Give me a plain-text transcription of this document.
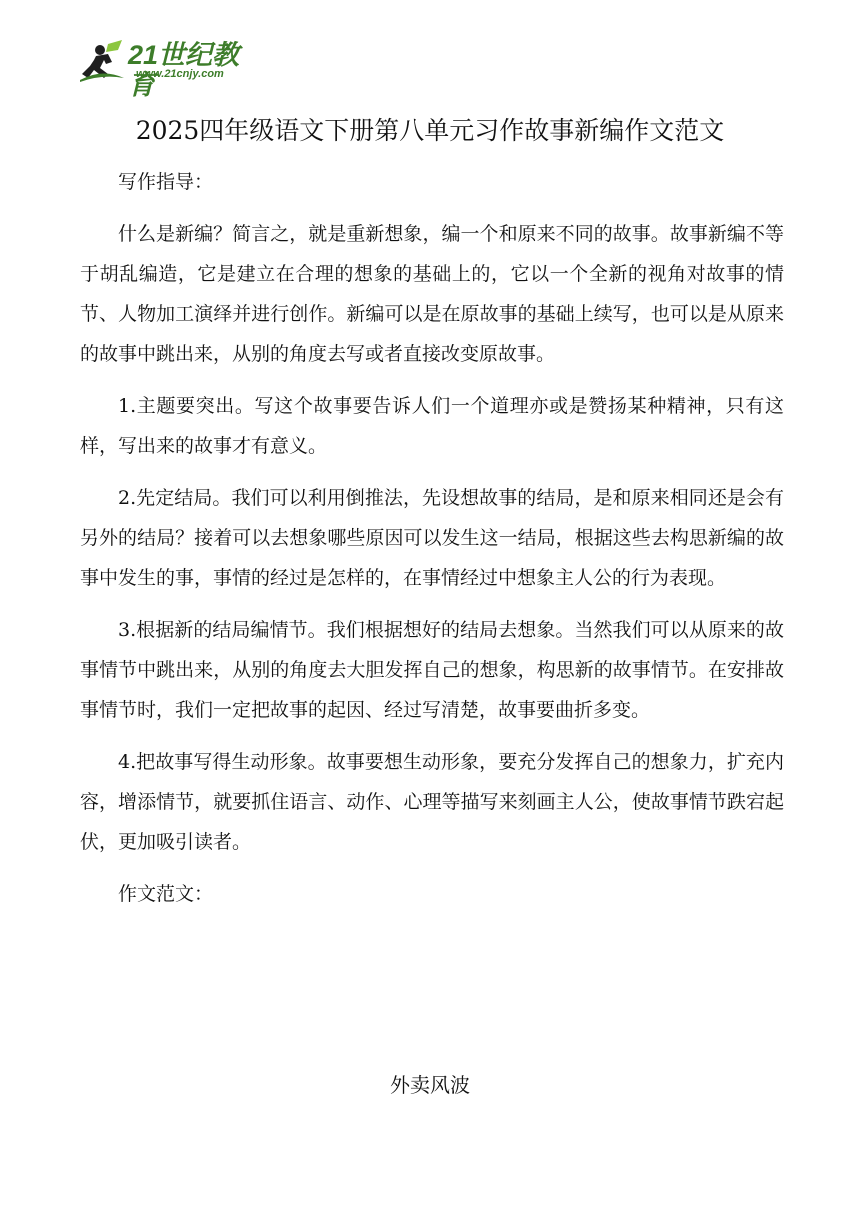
21世纪教育
www.21cnjy.com
2025四年级语文下册第八单元习作故事新编作文范文

写作指导：

什么是新编？简言之，就是重新想象，编一个和原来不同的故事。故事新编不等于胡乱编造，它是建立在合理的想象的基础上的，它以一个全新的视角对故事的情节、人物加工演绎并进行创作。新编可以是在原故事的基础上续写，也可以是从原来的故事中跳出来，从别的角度去写或者直接改变原故事。

1.主题要突出。写这个故事要告诉人们一个道理亦或是赞扬某种精神，只有这样，写出来的故事才有意义。

2.先定结局。我们可以利用倒推法，先设想故事的结局，是和原来相同还是会有另外的结局？接着可以去想象哪些原因可以发生这一结局，根据这些去构思新编的故事中发生的事，事情的经过是怎样的，在事情经过中想象主人公的行为表现。

3.根据新的结局编情节。我们根据想好的结局去想象。当然我们可以从原来的故事情节中跳出来，从别的角度去大胆发挥自己的想象，构思新的故事情节。在安排故事情节时，我们一定把故事的起因、经过写清楚，故事要曲折多变。

4.把故事写得生动形象。故事要想生动形象，要充分发挥自己的想象力，扩充内容，增添情节，就要抓住语言、动作、心理等描写来刻画主人公，使故事情节跌宕起伏，更加吸引读者。

作文范文：

外卖风波
